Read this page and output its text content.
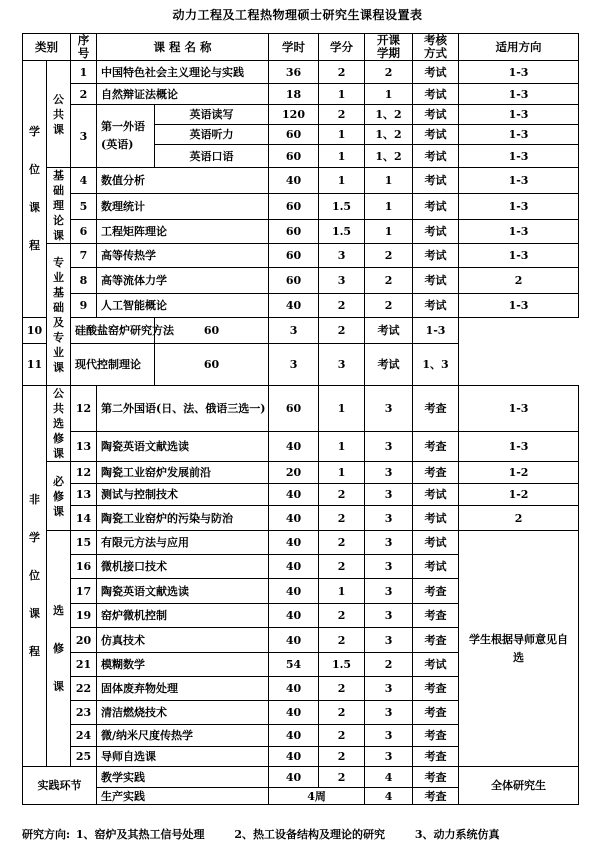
动力工程及工程热物理硕士研究生课程设置表
类别		序号	课 程 名 称		学时	学分	开课学期	考核方式	适用方向
学位课程	公共课	1	中国特色社会主义理论与实践		36	2	2	考试	1-3
		2	自然辩证法概论		18	1	1	考试	1-3
		3	第一外语(英语)	英语读写	120	2	1、2	考试	1-3
				英语听力	60	1	1、2	考试	1-3
				英语口语	60	1	1、2	考试	1-3
	基础理论课	4	数值分析		40	1	1	考试	1-3
		5	数理统计		60	1.5	1	考试	1-3
		6	工程矩阵理论		60	1.5	1	考试	1-3
	专业基础及专业课	7	高等传热学		60	3	2	考试	1-3
		8	高等流体力学		60	3	2	考试	2
		9	人工智能概论		40	2	2	考试	1-3
10		硅酸盐窑炉研究方法		60	3	2	考试	1-3	
11		现代控制理论		60	3	3	考试	1、3	
非学位课程	公共选修课	12	第二外国语(日、法、俄语三选一)		60	1	3	考查	1-3
		13	陶瓷英语文献选读		40	1	3	考查	1-3
	必修课	12	陶瓷工业窑炉发展前沿		20	1	3	考查	1-2
		13	测试与控制技术		40	2	3	考试	1-2
		14	陶瓷工业窑炉的污染与防治		40	2	3	考试	2
	选修课	15	有限元方法与应用		40	2	3	考试	学生根据导师意见自选
		16	微机接口技术		40	2	3	考试	
		17	陶瓷英语文献选读		40	1	3	考查	
		19	窑炉微机控制		40	2	3	考查	
		20	仿真技术		40	2	3	考查	
		21	模糊数学		54	1.5	2	考试	
		22	固体废弃物处理		40	2	3	考查	
		23	清洁燃烧技术		40	2	3	考查	
		24	微/纳米尺度传热学		40	2	3	考查	
		25	导师自选课		40	2	3	考查	
实践环节			教学实践		40	2	4	考查	全体研究生
			生产实践		4周		4	考查	
研究方向: 1、窑炉及其热工信号处理	2、热工设备结构及理论的研究	3、动力系统仿真
